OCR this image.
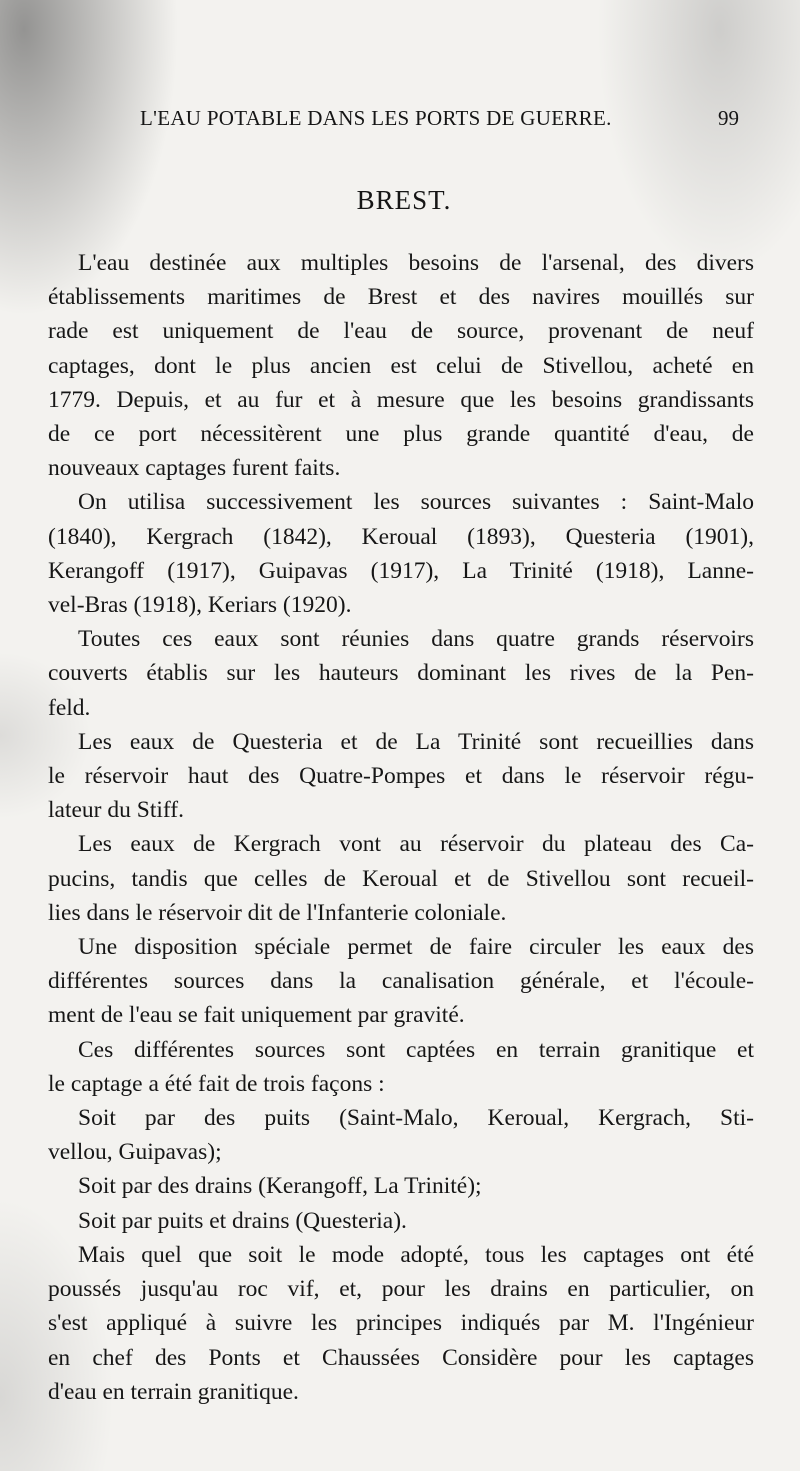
L'EAU POTABLE DANS LES PORTS DE GUERRE.	99
BREST.
L'eau destinée aux multiples besoins de l'arsenal, des divers
établissements maritimes de Brest et des navires mouillés sur
rade est uniquement de l'eau de source, provenant de neuf
captages, dont le plus ancien est celui de Stivellou, acheté en
1779. Depuis, et au fur et à mesure que les besoins grandissants
de ce port nécessitèrent une plus grande quantité d'eau, de
nouveaux captages furent faits.
On utilisa successivement les sources suivantes : Saint-Malo
(1840), Kergrach (1842), Keroual (1893), Questeria (1901),
Kerangoff (1917), Guipavas (1917), La Trinité (1918), Lanne-
vel-Bras (1918), Keriars (1920).
Toutes ces eaux sont réunies dans quatre grands réservoirs
couverts établis sur les hauteurs dominant les rives de la Pen-
feld.
Les eaux de Questeria et de La Trinité sont recueillies dans
le réservoir haut des Quatre-Pompes et dans le réservoir régu-
lateur du Stiff.
Les eaux de Kergrach vont au réservoir du plateau des Ca-
pucins, tandis que celles de Keroual et de Stivellou sont recueil-
lies dans le réservoir dit de l'Infanterie coloniale.
Une disposition spéciale permet de faire circuler les eaux des
différentes sources dans la canalisation générale, et l'écoule-
ment de l'eau se fait uniquement par gravité.
Ces différentes sources sont captées en terrain granitique et
le captage a été fait de trois façons :
Soit par des puits (Saint-Malo, Keroual, Kergrach, Sti-
vellou, Guipavas);
Soit par des drains (Kerangoff, La Trinité);
Soit par puits et drains (Questeria).
Mais quel que soit le mode adopté, tous les captages ont été
poussés jusqu'au roc vif, et, pour les drains en particulier, on
s'est appliqué à suivre les principes indiqués par M. l'Ingénieur
en chef des Ponts et Chaussées Considère pour les captages
d'eau en terrain granitique.
